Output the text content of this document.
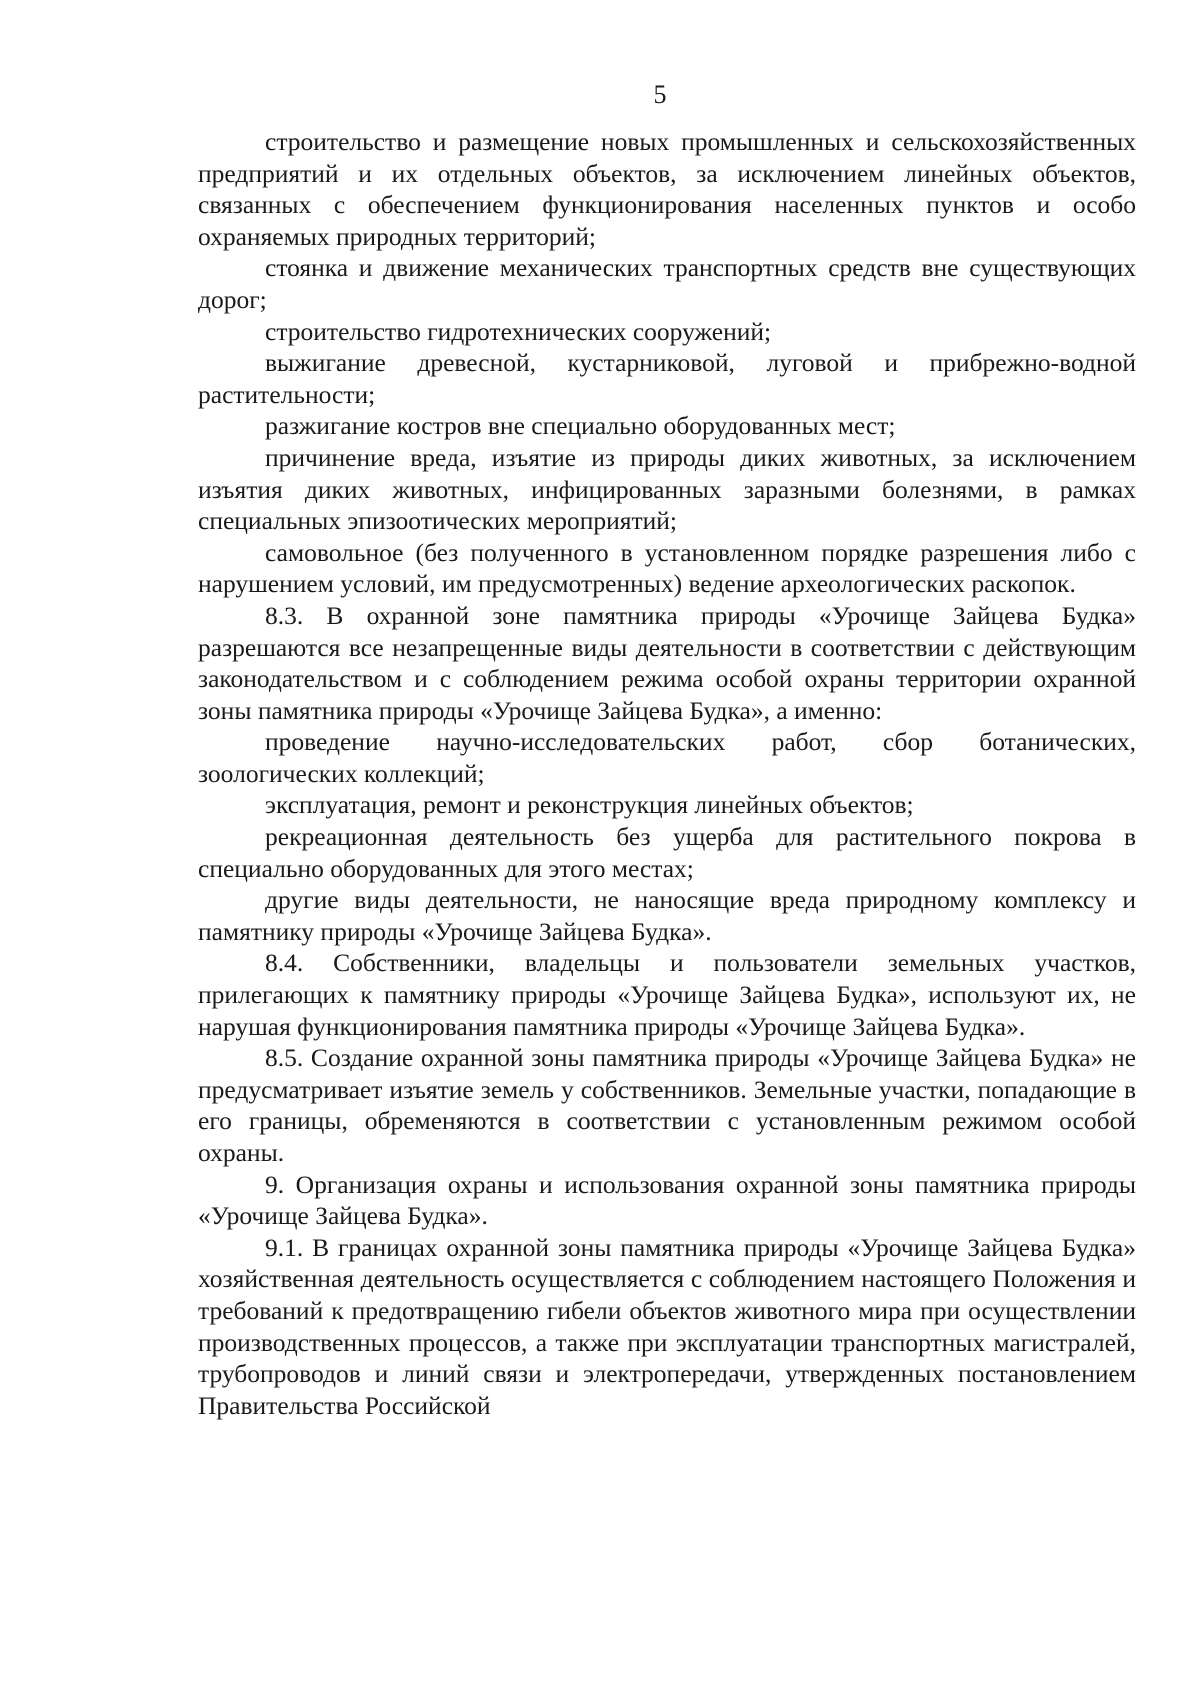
5

строительство и размещение новых промышленных и сельскохозяйственных предприятий и их отдельных объектов, за исключением линейных объектов, связанных с обеспечением функционирования населенных пунктов и особо охраняемых природных территорий;

стоянка и движение механических транспортных средств вне существующих дорог;

строительство гидротехнических сооружений;

выжигание древесной, кустарниковой, луговой и прибрежно-водной растительности;

разжигание костров вне специально оборудованных мест;

причинение вреда, изъятие из природы диких животных, за исключением изъятия диких животных, инфицированных заразными болезнями, в рамках специальных эпизоотических мероприятий;

самовольное (без полученного в установленном порядке разрешения либо с нарушением условий, им предусмотренных) ведение археологических раскопок.

8.3. В охранной зоне памятника природы «Урочище Зайцева Будка» разрешаются все незапрещенные виды деятельности в соответствии с действующим законодательством и с соблюдением режима особой охраны территории охранной зоны памятника природы «Урочище Зайцева Будка», а именно:

проведение научно-исследовательских работ, сбор ботанических, зоологических коллекций;

эксплуатация, ремонт и реконструкция линейных объектов;

рекреационная деятельность без ущерба для растительного покрова в специально оборудованных для этого местах;

другие виды деятельности, не наносящие вреда природному комплексу и памятнику природы «Урочище Зайцева Будка».

8.4. Собственники, владельцы и пользователи земельных участков, прилегающих к памятнику природы «Урочище Зайцева Будка», используют их, не нарушая функционирования памятника природы «Урочище Зайцева Будка».

8.5. Создание охранной зоны памятника природы «Урочище Зайцева Будка» не предусматривает изъятие земель у собственников. Земельные участки, попадающие в его границы, обременяются в соответствии с установленным режимом особой охраны.

9. Организация охраны и использования охранной зоны памятника природы «Урочище Зайцева Будка».

9.1. В границах охранной зоны памятника природы «Урочище Зайцева Будка» хозяйственная деятельность осуществляется с соблюдением настоящего Положения и требований к предотвращению гибели объектов животного мира при осуществлении производственных процессов, а также при эксплуатации транспортных магистралей, трубопроводов и линий связи и электропередачи, утвержденных постановлением Правительства Российской
